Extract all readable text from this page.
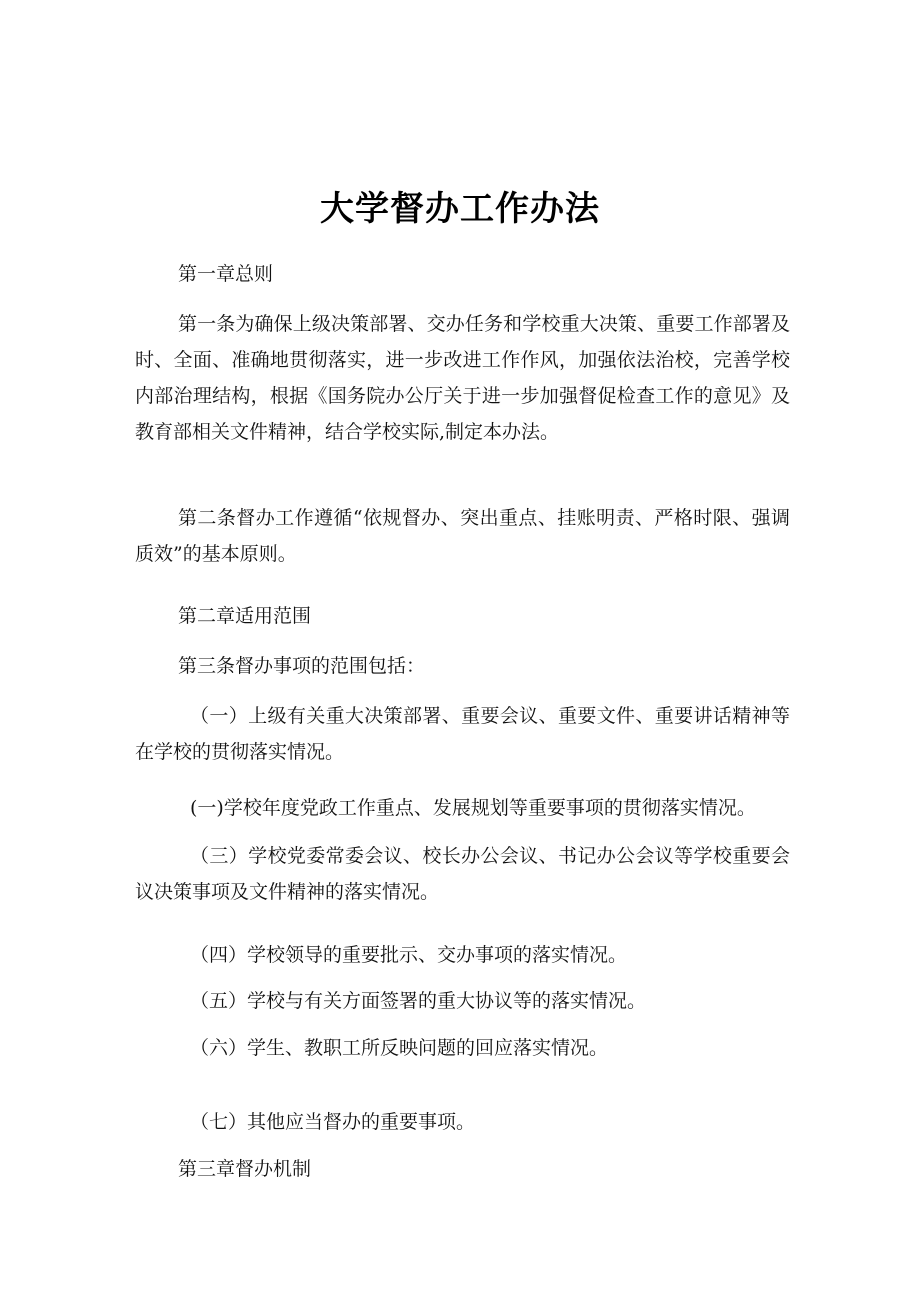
大学督办工作办法

第一章总则

第一条为确保上级决策部署、交办任务和学校重大决策、重要工作部署及时、全面、准确地贯彻落实，进一步改进工作作风，加强依法治校，完善学校内部治理结构，根据《国务院办公厅关于进一步加强督促检查工作的意见》及教育部相关文件精神，结合学校实际,制定本办法。

第二条督办工作遵循“依规督办、突出重点、挂账明责、严格时限、强调质效”的基本原则。

第二章适用范围

第三条督办事项的范围包括：

（一）上级有关重大决策部署、重要会议、重要文件、重要讲话精神等在学校的贯彻落实情况。

(一)学校年度党政工作重点、发展规划等重要事项的贯彻落实情况。

（三）学校党委常委会议、校长办公会议、书记办公会议等学校重要会议决策事项及文件精神的落实情况。

（四）学校领导的重要批示、交办事项的落实情况。

（五）学校与有关方面签署的重大协议等的落实情况。

（六）学生、教职工所反映问题的回应落实情况。

（七）其他应当督办的重要事项。

第三章督办机制
